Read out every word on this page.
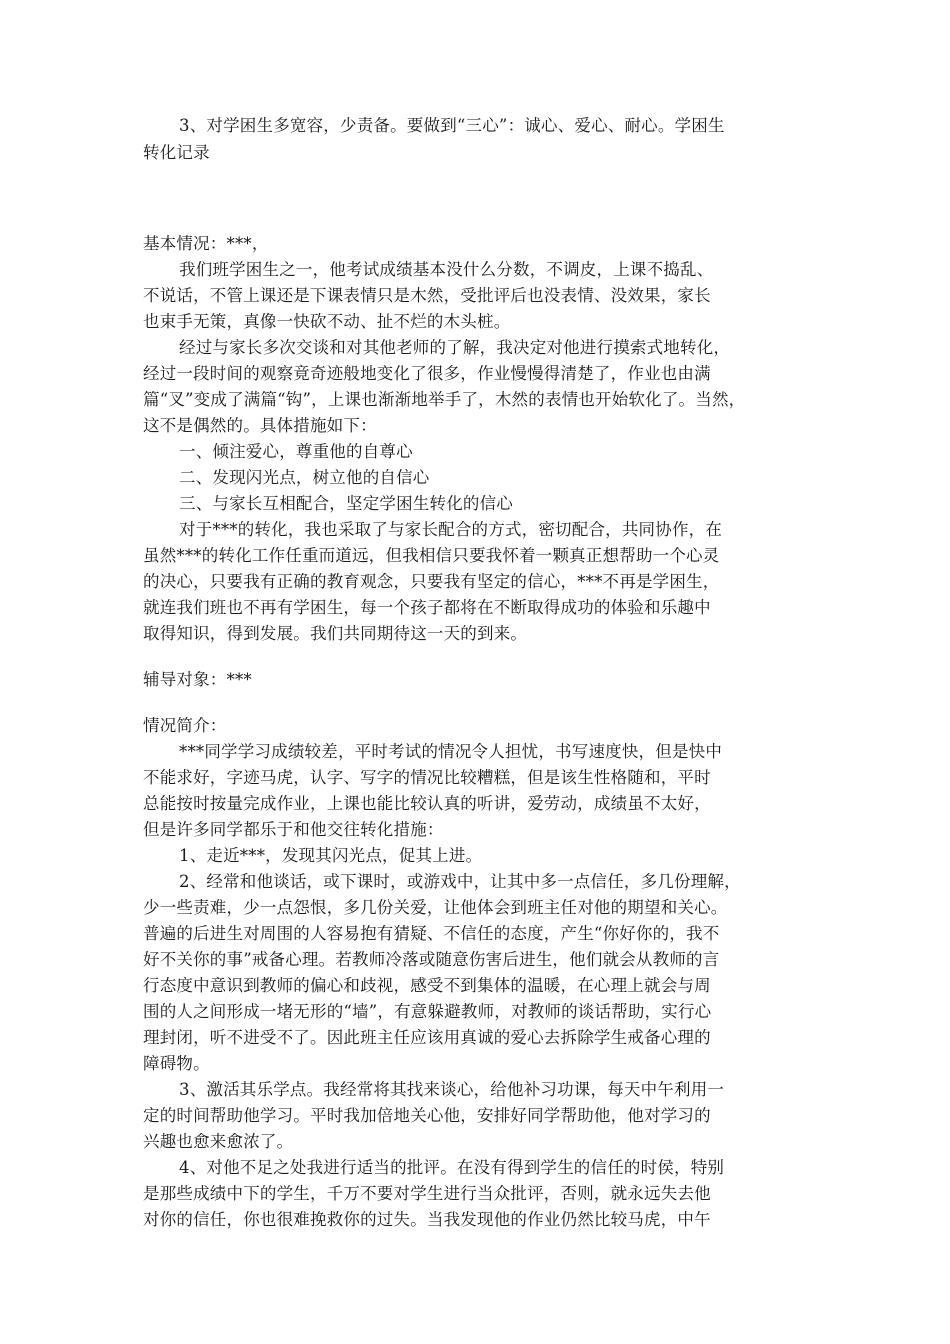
3、对学困生多宽容，少责备。要做到“三心”：诚心、爱心、耐心。学困生
转化记录
基本情况：***，
我们班学困生之一，他考试成绩基本没什么分数，不调皮，上课不捣乱、
不说话，不管上课还是下课表情只是木然，受批评后也没表情、没效果，家长
也束手无策，真像一快砍不动、扯不烂的木头桩。
经过与家长多次交谈和对其他老师的了解，我决定对他进行摸索式地转化，
经过一段时间的观察竟奇迹般地变化了很多，作业慢慢得清楚了，作业也由满
篇“叉”变成了满篇“钩”，上课也渐渐地举手了，木然的表情也开始软化了。当然，
这不是偶然的。具体措施如下：
一、倾注爱心，尊重他的自尊心
二、发现闪光点，树立他的自信心
三、与家长互相配合，坚定学困生转化的信心
对于***的转化，我也采取了与家长配合的方式，密切配合，共同协作，在
虽然***的转化工作任重而道远，但我相信只要我怀着一颗真正想帮助一个心灵
的决心，只要我有正确的教育观念，只要我有坚定的信心，***不再是学困生，
就连我们班也不再有学困生，每一个孩子都将在不断取得成功的体验和乐趣中
取得知识，得到发展。我们共同期待这一天的到来。
辅导对象：***
情况简介：
***同学学习成绩较差，平时考试的情况令人担忧，书写速度快，但是快中
不能求好，字迹马虎，认字、写字的情况比较糟糕，但是该生性格随和，平时
总能按时按量完成作业，上课也能比较认真的听讲，爱劳动，成绩虽不太好，
但是许多同学都乐于和他交往转化措施：
1、走近***，发现其闪光点，促其上进。
2、经常和他谈话，或下课时，或游戏中，让其中多一点信任，多几份理解，
少一些责难，少一点怨恨，多几份关爱，让他体会到班主任对他的期望和关心。
普遍的后进生对周围的人容易抱有猜疑、不信任的态度，产生“你好你的，我不
好不关你的事”戒备心理。若教师冷落或随意伤害后进生，他们就会从教师的言
行态度中意识到教师的偏心和歧视，感受不到集体的温暖，在心理上就会与周
围的人之间形成一堵无形的“墙”，有意躲避教师，对教师的谈话帮助，实行心
理封闭，听不进受不了。因此班主任应该用真诚的爱心去拆除学生戒备心理的
障碍物。
3、激活其乐学点。我经常将其找来谈心，给他补习功课，每天中午利用一
定的时间帮助他学习。平时我加倍地关心他，安排好同学帮助他，他对学习的
兴趣也愈来愈浓了。
4、对他不足之处我进行适当的批评。在没有得到学生的信任的时侯，特别
是那些成绩中下的学生，千万不要对学生进行当众批评，否则，就永远失去他
对你的信任，你也很难挽救你的过失。当我发现他的作业仍然比较马虎，中午
